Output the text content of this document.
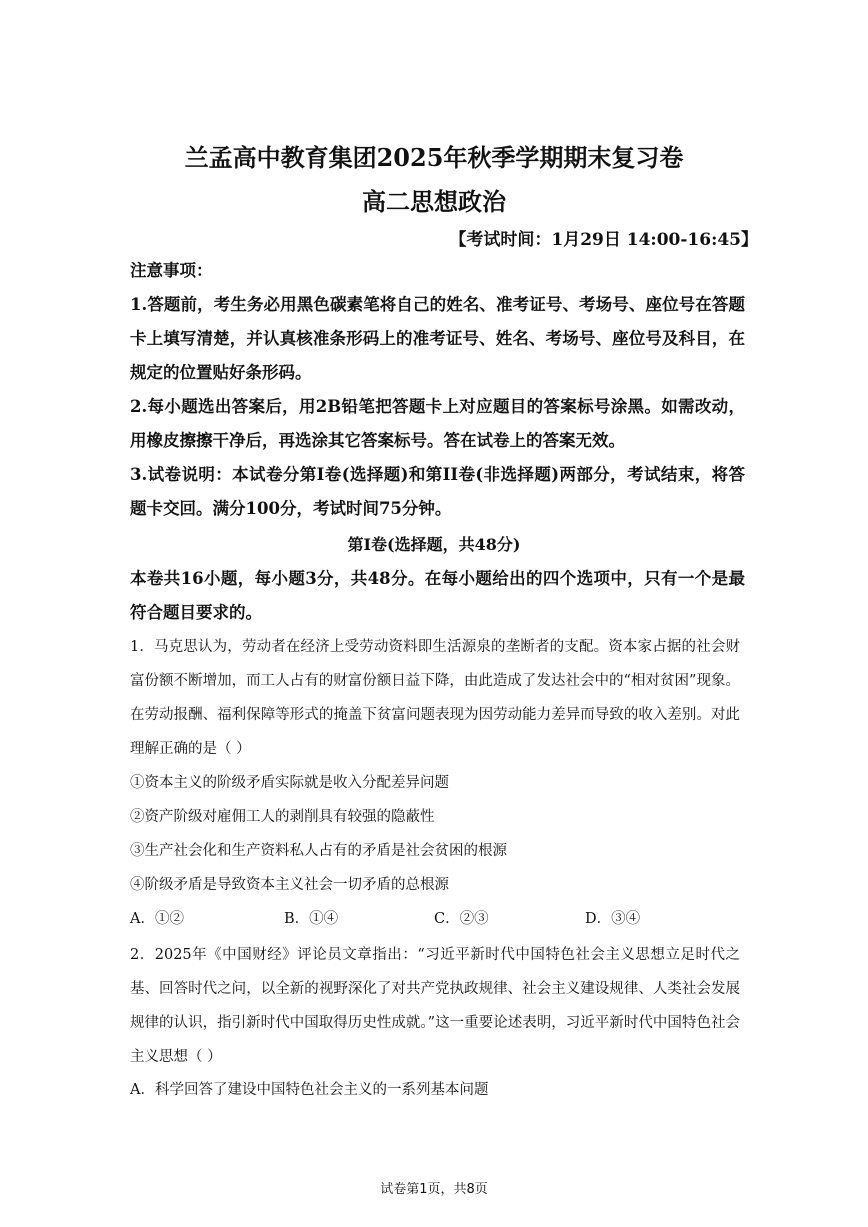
兰孟高中教育集团2025年秋季学期期末复习卷
高二思想政治
【考试时间：1月29日 14:00-16:45】
注意事项：
1.答题前，考生务必用黑色碳素笔将自己的姓名、准考证号、考场号、座位号在答题卡上填写清楚，并认真核准条形码上的准考证号、姓名、考场号、座位号及科目，在规定的位置贴好条形码。
2.每小题选出答案后，用2B铅笔把答题卡上对应题目的答案标号涂黑。如需改动，用橡皮擦擦干净后，再选涂其它答案标号。答在试卷上的答案无效。
3.试卷说明：本试卷分第I卷(选择题)和第II卷(非选择题)两部分，考试结束，将答题卡交回。满分100分，考试时间75分钟。
第I卷(选择题，共48分)
本卷共16小题，每小题3分，共48分。在每小题给出的四个选项中，只有一个是最符合题目要求的。
1．马克思认为，劳动者在经济上受劳动资料即生活源泉的垄断者的支配。资本家占据的社会财富份额不断增加，而工人占有的财富份额日益下降，由此造成了发达社会中的“相对贫困”现象。在劳动报酬、福利保障等形式的掩盖下贫富问题表现为因劳动能力差异而导致的收入差别。对此理解正确的是（ ）
①资本主义的阶级矛盾实际就是收入分配差异问题
②资产阶级对雇佣工人的剥削具有较强的隐蔽性
③生产社会化和生产资料私人占有的矛盾是社会贫困的根源
④阶级矛盾是导致资本主义社会一切矛盾的总根源
A．①②	B．①④	C．②③	D．③④
2．2025年《中国财经》评论员文章指出：“习近平新时代中国特色社会主义思想立足时代之基、回答时代之问，以全新的视野深化了对共产党执政规律、社会主义建设规律、人类社会发展规律的认识，指引新时代中国取得历史性成就。”这一重要论述表明，习近平新时代中国特色社会主义思想（ ）
A．科学回答了建设中国特色社会主义的一系列基本问题
试卷第1页，共8页
